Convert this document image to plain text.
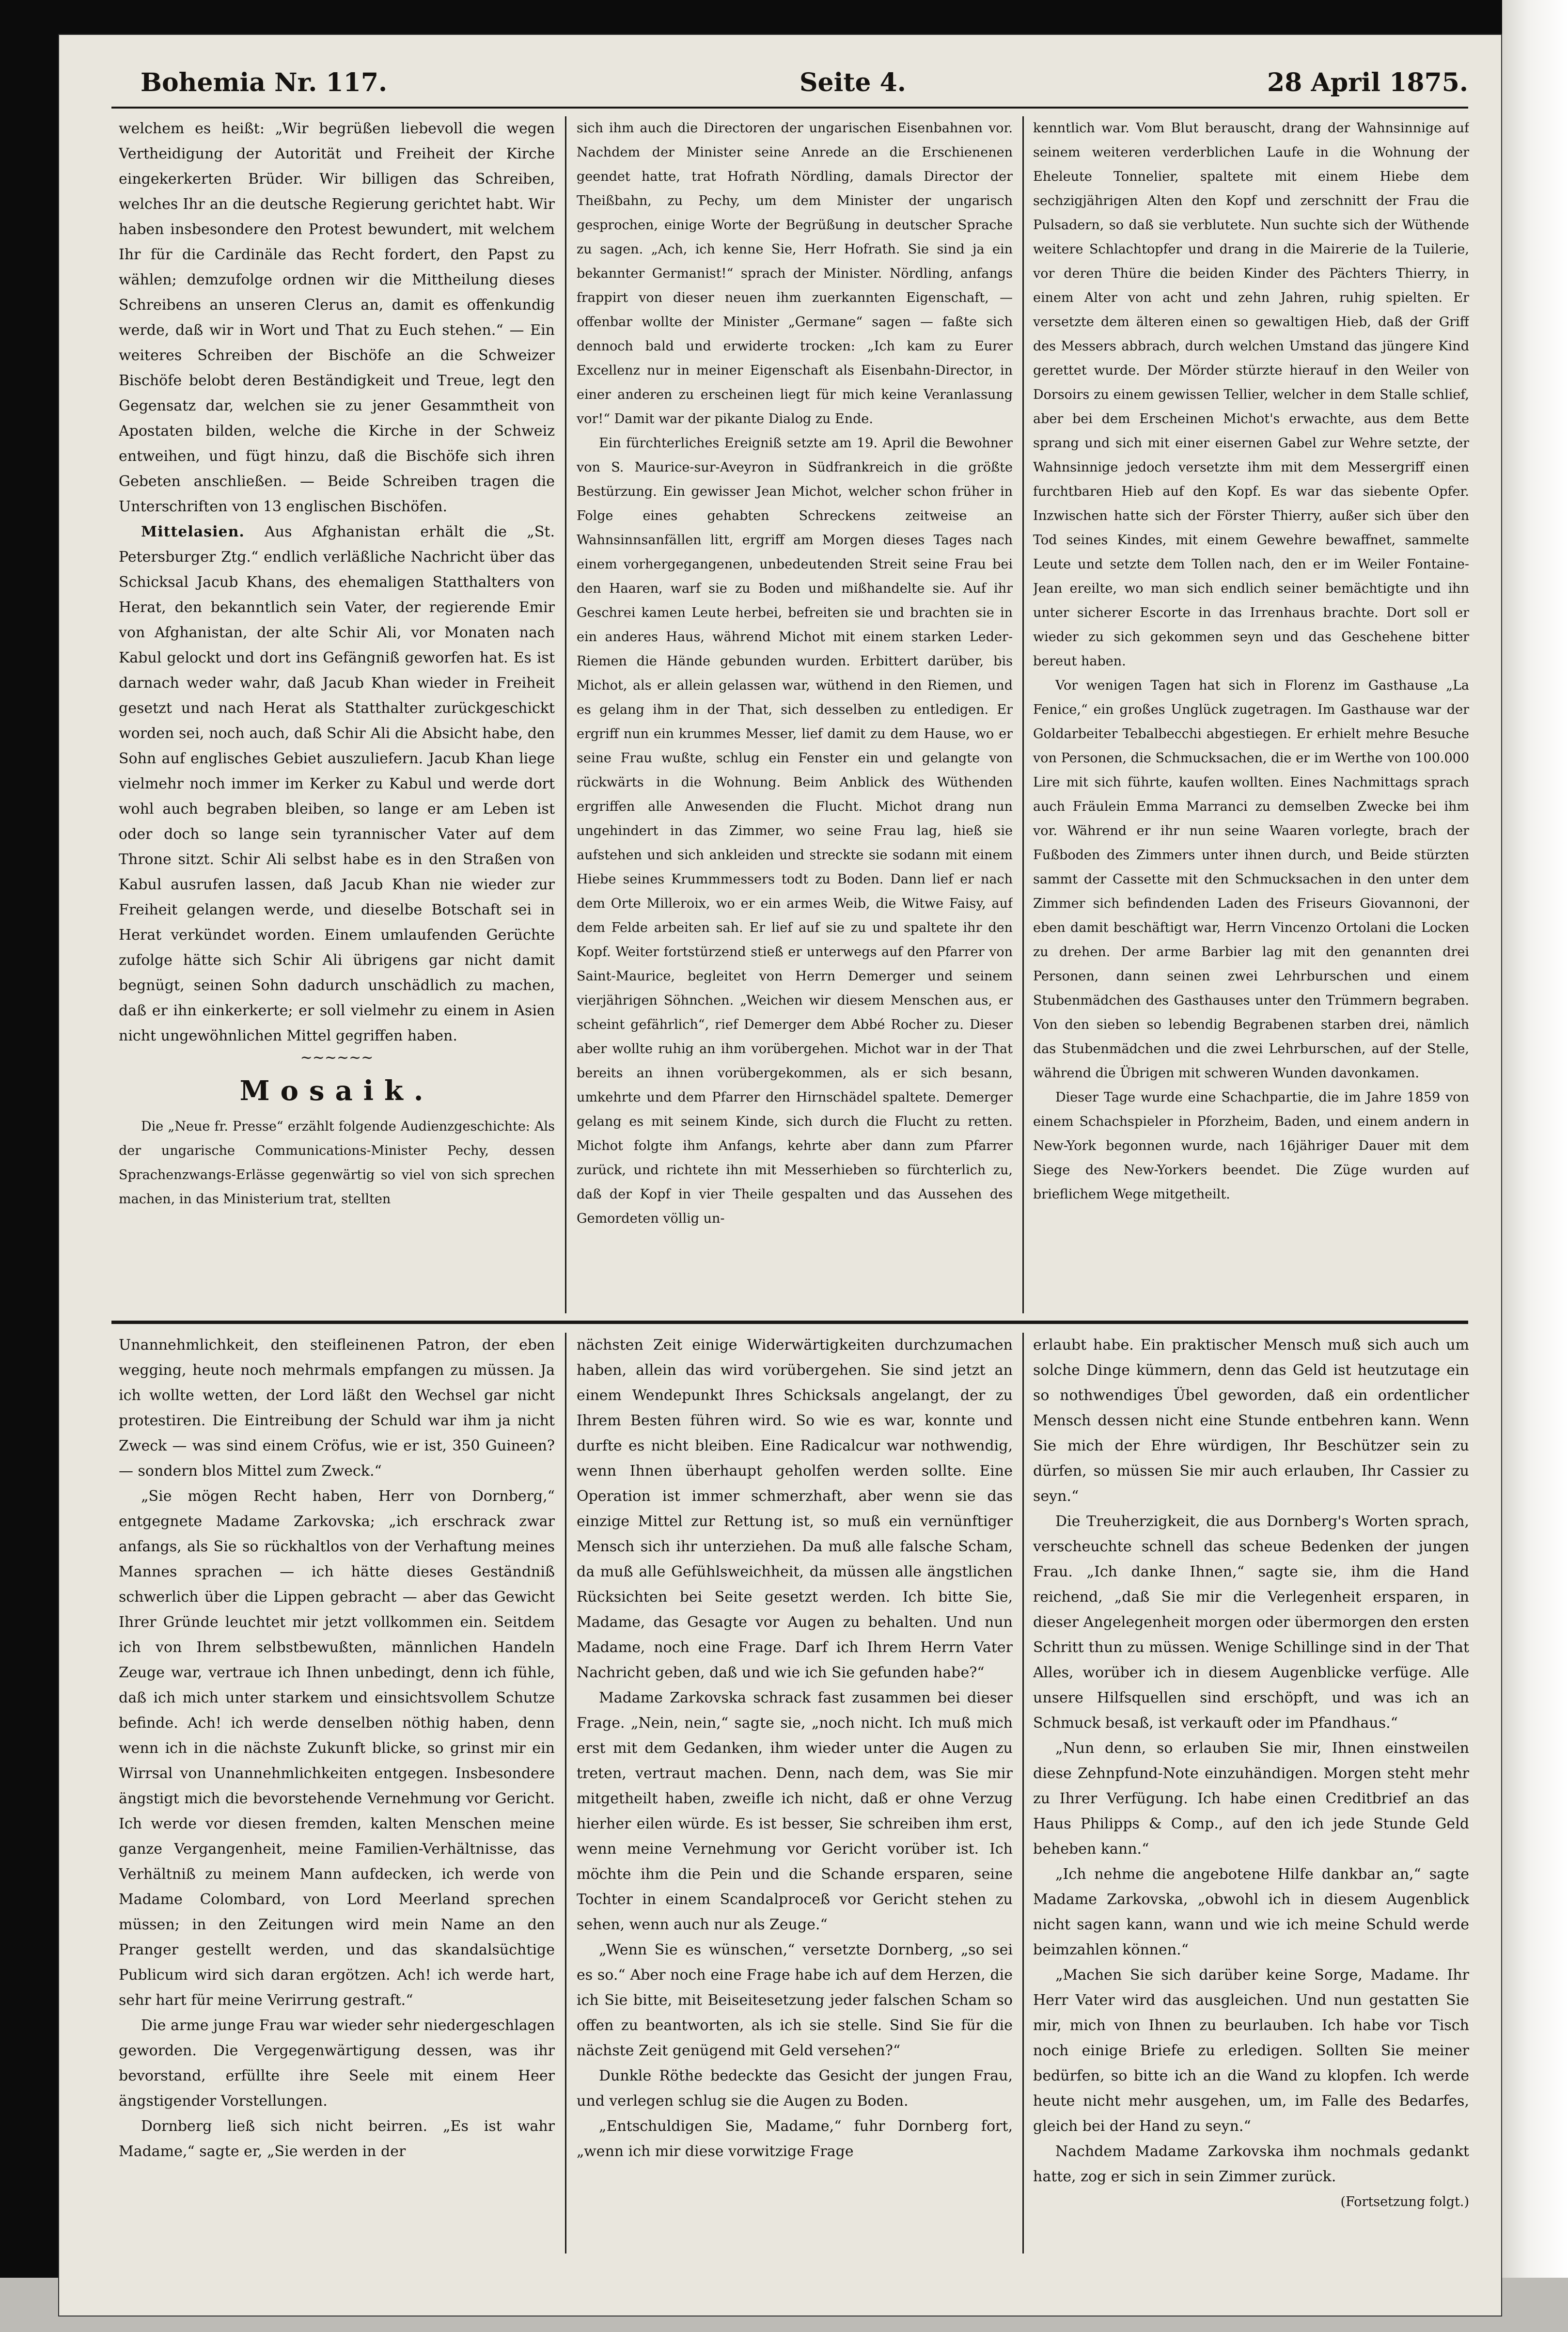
Bohemia Nr. 117.	Seite 4.	28 April 1875.

welchem es heißt: „Wir begrüßen liebevoll die wegen Vertheidigung der Autorität und Freiheit der Kirche eingekerkerten Brüder. Wir billigen das Schreiben, welches Ihr an die deutsche Regierung gerichtet habt. Wir haben insbesondere den Protest bewundert, mit welchem Ihr für die Cardinäle das Recht fordert, den Papst zu wählen; demzufolge ordnen wir die Mittheilung dieses Schreibens an unseren Clerus an, damit es offenkundig werde, daß wir in Wort und That zu Euch stehen.“ — Ein weiteres Schreiben der Bischöfe an die Schweizer Bischöfe belobt deren Beständigkeit und Treue, legt den Gegensatz dar, welchen sie zu jener Gesammtheit von Apostaten bilden, welche die Kirche in der Schweiz entweihen, und fügt hinzu, daß die Bischöfe sich ihren Gebeten anschließen. — Beide Schreiben tragen die Unterschriften von 13 englischen Bischöfen.

Mittelasien. Aus Afghanistan erhält die „St. Petersburger Ztg.“ endlich verläßliche Nachricht über das Schicksal Jacub Khans, des ehemaligen Statthalters von Herat, den bekanntlich sein Vater, der regierende Emir von Afghanistan, der alte Schir Ali, vor Monaten nach Kabul gelockt und dort ins Gefängniß geworfen hat. Es ist darnach weder wahr, daß Jacub Khan wieder in Freiheit gesetzt und nach Herat als Statthalter zurückgeschickt worden sei, noch auch, daß Schir Ali die Absicht habe, den Sohn auf englisches Gebiet auszuliefern. Jacub Khan liege vielmehr noch immer im Kerker zu Kabul und werde dort wohl auch begraben bleiben, so lange er am Leben ist oder doch so lange sein tyrannischer Vater auf dem Throne sitzt. Schir Ali selbst habe es in den Straßen von Kabul ausrufen lassen, daß Jacub Khan nie wieder zur Freiheit gelangen werde, und dieselbe Botschaft sei in Herat verkündet worden. Einem umlaufenden Gerüchte zufolge hätte sich Schir Ali übrigens gar nicht damit begnügt, seinen Sohn dadurch unschädlich zu machen, daß er ihn einkerkerte; er soll vielmehr zu einem in Asien nicht ungewöhnlichen Mittel gegriffen haben.

∼∼∼∼∼∼
Mosaik.

Die „Neue fr. Presse“ erzählt folgende Audienzgeschichte: Als der ungarische Communications-Minister Pechy, dessen Sprachenzwangs-Erlässe gegenwärtig so viel von sich sprechen machen, in das Ministerium trat, stellten

sich ihm auch die Directoren der ungarischen Eisenbahnen vor. Nachdem der Minister seine Anrede an die Erschienenen geendet hatte, trat Hofrath Nördling, damals Director der Theißbahn, zu Pechy, um dem Minister der ungarisch gesprochen, einige Worte der Begrüßung in deutscher Sprache zu sagen. „Ach, ich kenne Sie, Herr Hofrath. Sie sind ja ein bekannter Germanist!“ sprach der Minister. Nördling, anfangs frappirt von dieser neuen ihm zuerkannten Eigenschaft, — offenbar wollte der Minister „Germane“ sagen — faßte sich dennoch bald und erwiderte trocken: „Ich kam zu Eurer Excellenz nur in meiner Eigenschaft als Eisenbahn-Director, in einer anderen zu erscheinen liegt für mich keine Veranlassung vor!“ Damit war der pikante Dialog zu Ende.

Ein fürchterliches Ereigniß setzte am 19. April die Bewohner von S. Maurice-sur-Aveyron in Südfrankreich in die größte Bestürzung. Ein gewisser Jean Michot, welcher schon früher in Folge eines gehabten Schreckens zeitweise an Wahnsinnsanfällen litt, ergriff am Morgen dieses Tages nach einem vorhergegangenen, unbedeutenden Streit seine Frau bei den Haaren, warf sie zu Boden und mißhandelte sie. Auf ihr Geschrei kamen Leute herbei, befreiten sie und brachten sie in ein anderes Haus, während Michot mit einem starken Leder-Riemen die Hände gebunden wurden. Erbittert darüber, bis Michot, als er allein gelassen war, wüthend in den Riemen, und es gelang ihm in der That, sich desselben zu entledigen. Er ergriff nun ein krummes Messer, lief damit zu dem Hause, wo er seine Frau wußte, schlug ein Fenster ein und gelangte von rückwärts in die Wohnung. Beim Anblick des Wüthenden ergriffen alle Anwesenden die Flucht. Michot drang nun ungehindert in das Zimmer, wo seine Frau lag, hieß sie aufstehen und sich ankleiden und streckte sie sodann mit einem Hiebe seines Krummmessers todt zu Boden. Dann lief er nach dem Orte Milleroix, wo er ein armes Weib, die Witwe Faisy, auf dem Felde arbeiten sah. Er lief auf sie zu und spaltete ihr den Kopf. Weiter fortstürzend stieß er unterwegs auf den Pfarrer von Saint-Maurice, begleitet von Herrn Demerger und seinem vierjährigen Söhnchen. „Weichen wir diesem Menschen aus, er scheint gefährlich“, rief Demerger dem Abbé Rocher zu. Dieser aber wollte ruhig an ihm vorübergehen. Michot war in der That bereits an ihnen vorübergekommen, als er sich besann, umkehrte und dem Pfarrer den Hirnschädel spaltete. Demerger gelang es mit seinem Kinde, sich durch die Flucht zu retten. Michot folgte ihm Anfangs, kehrte aber dann zum Pfarrer zurück, und richtete ihn mit Messerhieben so fürchterlich zu, daß der Kopf in vier Theile gespalten und das Aussehen des Gemordeten völlig un-

kenntlich war. Vom Blut berauscht, drang der Wahnsinnige auf seinem weiteren verderblichen Laufe in die Wohnung der Eheleute Tonnelier, spaltete mit einem Hiebe dem sechzigjährigen Alten den Kopf und zerschnitt der Frau die Pulsadern, so daß sie verblutete. Nun suchte sich der Wüthende weitere Schlachtopfer und drang in die Mairerie de la Tuilerie, vor deren Thüre die beiden Kinder des Pächters Thierry, in einem Alter von acht und zehn Jahren, ruhig spielten. Er versetzte dem älteren einen so gewaltigen Hieb, daß der Griff des Messers abbrach, durch welchen Umstand das jüngere Kind gerettet wurde. Der Mörder stürzte hierauf in den Weiler von Dorsoirs zu einem gewissen Tellier, welcher in dem Stalle schlief, aber bei dem Erscheinen Michot's erwachte, aus dem Bette sprang und sich mit einer eisernen Gabel zur Wehre setzte, der Wahnsinnige jedoch versetzte ihm mit dem Messergriff einen furchtbaren Hieb auf den Kopf. Es war das siebente Opfer. Inzwischen hatte sich der Förster Thierry, außer sich über den Tod seines Kindes, mit einem Gewehre bewaffnet, sammelte Leute und setzte dem Tollen nach, den er im Weiler Fontaine-Jean ereilte, wo man sich endlich seiner bemächtigte und ihn unter sicherer Escorte in das Irrenhaus brachte. Dort soll er wieder zu sich gekommen seyn und das Geschehene bitter bereut haben.

Vor wenigen Tagen hat sich in Florenz im Gasthause „La Fenice,“ ein großes Unglück zugetragen. Im Gasthause war der Goldarbeiter Tebalbecchi abgestiegen. Er erhielt mehre Besuche von Personen, die Schmucksachen, die er im Werthe von 100.000 Lire mit sich führte, kaufen wollten. Eines Nachmittags sprach auch Fräulein Emma Marranci zu demselben Zwecke bei ihm vor. Während er ihr nun seine Waaren vorlegte, brach der Fußboden des Zimmers unter ihnen durch, und Beide stürzten sammt der Cassette mit den Schmucksachen in den unter dem Zimmer sich befindenden Laden des Friseurs Giovannoni, der eben damit beschäftigt war, Herrn Vincenzo Ortolani die Locken zu drehen. Der arme Barbier lag mit den genannten drei Personen, dann seinen zwei Lehrburschen und einem Stubenmädchen des Gasthauses unter den Trümmern begraben. Von den sieben so lebendig Begrabenen starben drei, nämlich das Stubenmädchen und die zwei Lehrburschen, auf der Stelle, während die Übrigen mit schweren Wunden davonkamen.

Dieser Tage wurde eine Schachpartie, die im Jahre 1859 von einem Schachspieler in Pforzheim, Baden, und einem andern in New-York begonnen wurde, nach 16jähriger Dauer mit dem Siege des New-Yorkers beendet. Die Züge wurden auf brieflichem Wege mitgetheilt.

Unannehmlichkeit, den steifleinenen Patron, der eben wegging, heute noch mehrmals empfangen zu müssen. Ja ich wollte wetten, der Lord läßt den Wechsel gar nicht protestiren. Die Eintreibung der Schuld war ihm ja nicht Zweck — was sind einem Cröfus, wie er ist, 350 Guineen? — sondern blos Mittel zum Zweck.“

„Sie mögen Recht haben, Herr von Dornberg,“ entgegnete Madame Zarkovska; „ich erschrack zwar anfangs, als Sie so rückhaltlos von der Verhaftung meines Mannes sprachen — ich hätte dieses Geständniß schwerlich über die Lippen gebracht — aber das Gewicht Ihrer Gründe leuchtet mir jetzt vollkommen ein. Seitdem ich von Ihrem selbstbewußten, männlichen Handeln Zeuge war, vertraue ich Ihnen unbedingt, denn ich fühle, daß ich mich unter starkem und einsichtsvollem Schutze befinde. Ach! ich werde denselben nöthig haben, denn wenn ich in die nächste Zukunft blicke, so grinst mir ein Wirrsal von Unannehmlichkeiten entgegen. Insbesondere ängstigt mich die bevorstehende Vernehmung vor Gericht. Ich werde vor diesen fremden, kalten Menschen meine ganze Vergangenheit, meine Familien-Verhältnisse, das Verhältniß zu meinem Mann aufdecken, ich werde von Madame Colombard, von Lord Meerland sprechen müssen; in den Zeitungen wird mein Name an den Pranger gestellt werden, und das skandalsüchtige Publicum wird sich daran ergötzen. Ach! ich werde hart, sehr hart für meine Verirrung gestraft.“

Die arme junge Frau war wieder sehr niedergeschlagen geworden. Die Vergegenwärtigung dessen, was ihr bevorstand, erfüllte ihre Seele mit einem Heer ängstigender Vorstellungen.

Dornberg ließ sich nicht beirren. „Es ist wahr Madame,“ sagte er, „Sie werden in der

nächsten Zeit einige Widerwärtigkeiten durchzumachen haben, allein das wird vorübergehen. Sie sind jetzt an einem Wendepunkt Ihres Schicksals angelangt, der zu Ihrem Besten führen wird. So wie es war, konnte und durfte es nicht bleiben. Eine Radicalcur war nothwendig, wenn Ihnen überhaupt geholfen werden sollte. Eine Operation ist immer schmerzhaft, aber wenn sie das einzige Mittel zur Rettung ist, so muß ein vernünftiger Mensch sich ihr unterziehen. Da muß alle falsche Scham, da muß alle Gefühlsweichheit, da müssen alle ängstlichen Rücksichten bei Seite gesetzt werden. Ich bitte Sie, Madame, das Gesagte vor Augen zu behalten. Und nun Madame, noch eine Frage. Darf ich Ihrem Herrn Vater Nachricht geben, daß und wie ich Sie gefunden habe?“

Madame Zarkovska schrack fast zusammen bei dieser Frage. „Nein, nein,“ sagte sie, „noch nicht. Ich muß mich erst mit dem Gedanken, ihm wieder unter die Augen zu treten, vertraut machen. Denn, nach dem, was Sie mir mitgetheilt haben, zweifle ich nicht, daß er ohne Verzug hierher eilen würde. Es ist besser, Sie schreiben ihm erst, wenn meine Vernehmung vor Gericht vorüber ist. Ich möchte ihm die Pein und die Schande ersparen, seine Tochter in einem Scandalproceß vor Gericht stehen zu sehen, wenn auch nur als Zeuge.“

„Wenn Sie es wünschen,“ versetzte Dornberg, „so sei es so.“ Aber noch eine Frage habe ich auf dem Herzen, die ich Sie bitte, mit Beiseitesetzung jeder falschen Scham so offen zu beantworten, als ich sie stelle. Sind Sie für die nächste Zeit genügend mit Geld versehen?“

Dunkle Röthe bedeckte das Gesicht der jungen Frau, und verlegen schlug sie die Augen zu Boden.

„Entschuldigen Sie, Madame,“ fuhr Dornberg fort, „wenn ich mir diese vorwitzige Frage

erlaubt habe. Ein praktischer Mensch muß sich auch um solche Dinge kümmern, denn das Geld ist heutzutage ein so nothwendiges Übel geworden, daß ein ordentlicher Mensch dessen nicht eine Stunde entbehren kann. Wenn Sie mich der Ehre würdigen, Ihr Beschützer sein zu dürfen, so müssen Sie mir auch erlauben, Ihr Cassier zu seyn.“

Die Treuherzigkeit, die aus Dornberg's Worten sprach, verscheuchte schnell das scheue Bedenken der jungen Frau. „Ich danke Ihnen,“ sagte sie, ihm die Hand reichend, „daß Sie mir die Verlegenheit ersparen, in dieser Angelegenheit morgen oder übermorgen den ersten Schritt thun zu müssen. Wenige Schillinge sind in der That Alles, worüber ich in diesem Augenblicke verfüge. Alle unsere Hilfsquellen sind erschöpft, und was ich an Schmuck besaß, ist verkauft oder im Pfandhaus.“

„Nun denn, so erlauben Sie mir, Ihnen einstweilen diese Zehnpfund-Note einzuhändigen. Morgen steht mehr zu Ihrer Verfügung. Ich habe einen Creditbrief an das Haus Philipps & Comp., auf den ich jede Stunde Geld beheben kann.“

„Ich nehme die angebotene Hilfe dankbar an,“ sagte Madame Zarkovska, „obwohl ich in diesem Augenblick nicht sagen kann, wann und wie ich meine Schuld werde beimzahlen können.“

„Machen Sie sich darüber keine Sorge, Madame. Ihr Herr Vater wird das ausgleichen. Und nun gestatten Sie mir, mich von Ihnen zu beurlauben. Ich habe vor Tisch noch einige Briefe zu erledigen. Sollten Sie meiner bedürfen, so bitte ich an die Wand zu klopfen. Ich werde heute nicht mehr ausgehen, um, im Falle des Bedarfes, gleich bei der Hand zu seyn.“

Nachdem Madame Zarkovska ihm nochmals gedankt hatte, zog er sich in sein Zimmer zurück.

(Fortsetzung folgt.)
